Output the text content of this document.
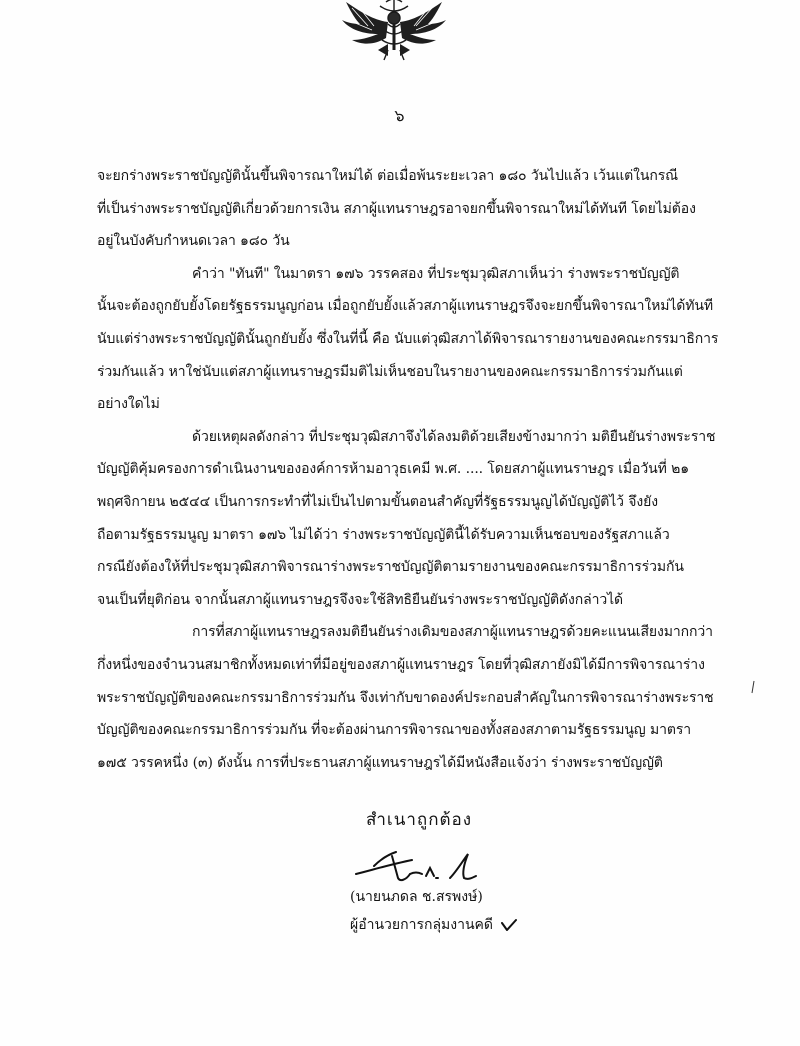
๖
จะยกร่างพระราชบัญญัตินั้นขึ้นพิจารณาใหม่ได้ ต่อเมื่อพ้นระยะเวลา ๑๘๐ วันไปแล้ว เว้นแต่ในกรณี
ที่เป็นร่างพระราชบัญญัติเกี่ยวด้วยการเงิน สภาผู้แทนราษฎรอาจยกขึ้นพิจารณาใหม่ได้ทันที โดยไม่ต้อง
อยู่ในบังคับกำหนดเวลา ๑๘๐ วัน
คำว่า "ทันที" ในมาตรา ๑๗๖ วรรคสอง ที่ประชุมวุฒิสภาเห็นว่า ร่างพระราชบัญญัติ
นั้นจะต้องถูกยับยั้งโดยรัฐธรรมนูญก่อน เมื่อถูกยับยั้งแล้วสภาผู้แทนราษฎรจึงจะยกขึ้นพิจารณาใหม่ได้ทันที
นับแต่ร่างพระราชบัญญัตินั้นถูกยับยั้ง ซึ่งในที่นี้ คือ นับแต่วุฒิสภาได้พิจารณารายงานของคณะกรรมาธิการ
ร่วมกันแล้ว หาใช่นับแต่สภาผู้แทนราษฎรมีมติไม่เห็นชอบในรายงานของคณะกรรมาธิการร่วมกันแต่
อย่างใดไม่
ด้วยเหตุผลดังกล่าว ที่ประชุมวุฒิสภาจึงได้ลงมติด้วยเสียงข้างมากว่า มติยืนยันร่างพระราช
บัญญัติคุ้มครองการดำเนินงานขององค์การห้ามอาวุธเคมี พ.ศ. .... โดยสภาผู้แทนราษฎร เมื่อวันที่ ๒๑
พฤศจิกายน ๒๕๔๔ เป็นการกระทำที่ไม่เป็นไปตามขั้นตอนสำคัญที่รัฐธรรมนูญได้บัญญัติไว้ จึงยัง
ถือตามรัฐธรรมนูญ มาตรา ๑๗๖ ไม่ได้ว่า ร่างพระราชบัญญัตินี้ได้รับความเห็นชอบของรัฐสภาแล้ว
กรณียังต้องให้ที่ประชุมวุฒิสภาพิจารณาร่างพระราชบัญญัติตามรายงานของคณะกรรมาธิการร่วมกัน
จนเป็นที่ยุติก่อน จากนั้นสภาผู้แทนราษฎรจึงจะใช้สิทธิยืนยันร่างพระราชบัญญัติดังกล่าวได้
การที่สภาผู้แทนราษฎรลงมติยืนยันร่างเดิมของสภาผู้แทนราษฎรด้วยคะแนนเสียงมากกว่า
กึ่งหนึ่งของจำนวนสมาชิกทั้งหมดเท่าที่มีอยู่ของสภาผู้แทนราษฎร โดยที่วุฒิสภายังมิได้มีการพิจารณาร่าง
พระราชบัญญัติของคณะกรรมาธิการร่วมกัน จึงเท่ากับขาดองค์ประกอบสำคัญในการพิจารณาร่างพระราช
บัญญัติของคณะกรรมาธิการร่วมกัน ที่จะต้องผ่านการพิจารณาของทั้งสองสภาตามรัฐธรรมนูญ มาตรา
๑๗๕ วรรคหนึ่ง (๓) ดังนั้น การที่ประธานสภาผู้แทนราษฎรได้มีหนังสือแจ้งว่า ร่างพระราชบัญญัติ
สำเนาถูกต้อง
(นายนภดล ช.สรพงษ์)
ผู้อำนวยการกลุ่มงานคดี
